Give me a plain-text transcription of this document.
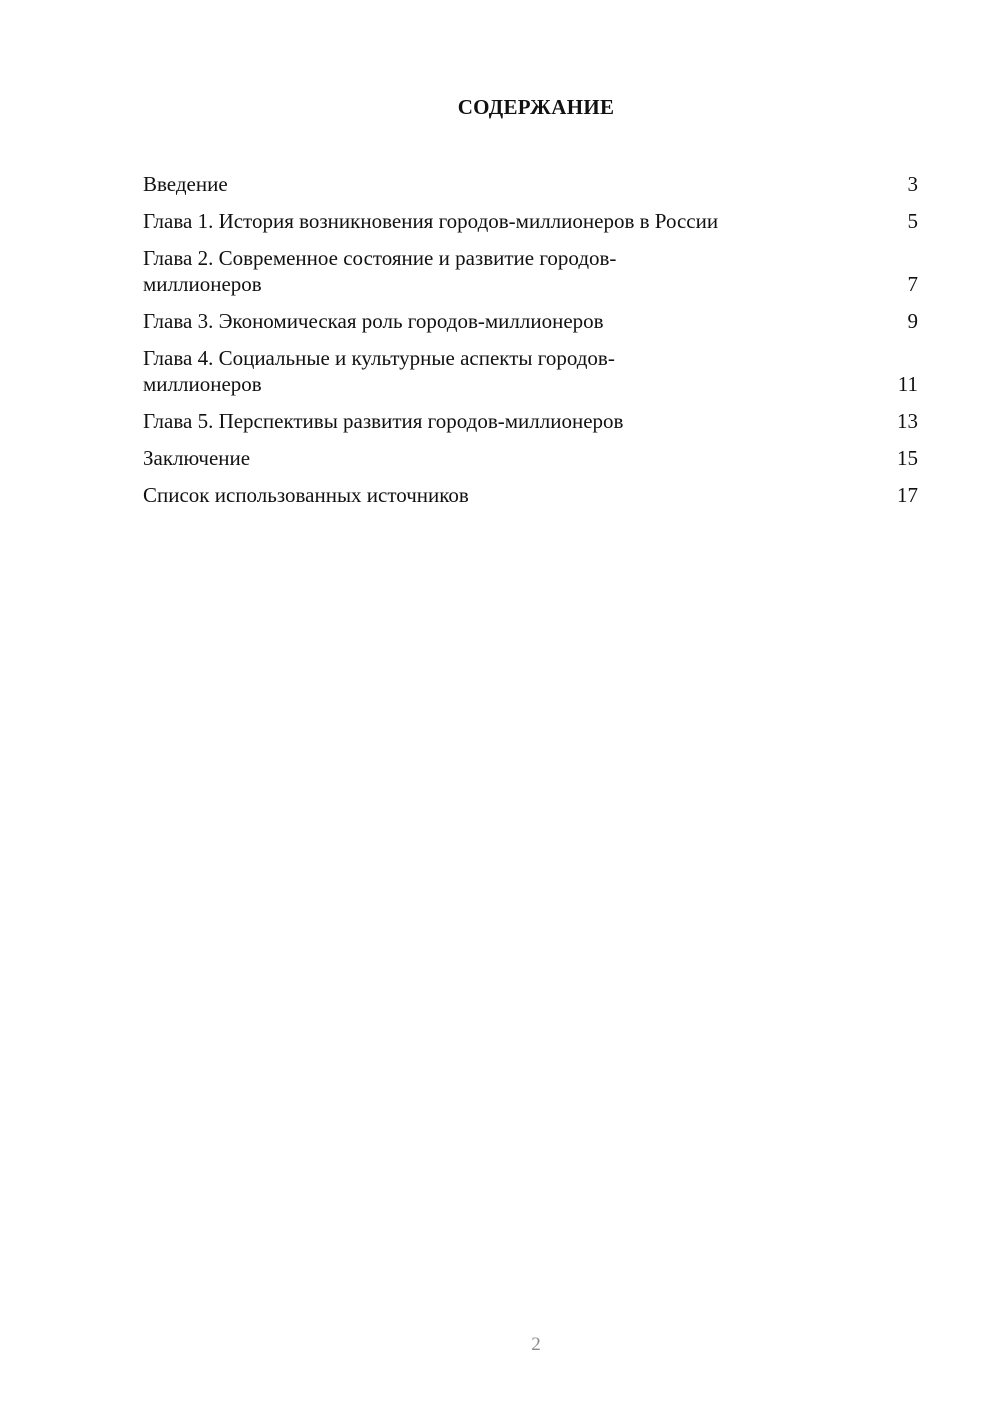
СОДЕРЖАНИЕ
Введение	3
Глава 1. История возникновения городов-миллионеров в России	5
Глава 2. Современное состояние и развитие городов-миллионеров	7
Глава 3. Экономическая роль городов-миллионеров	9
Глава 4. Социальные и культурные аспекты городов-миллионеров	11
Глава 5. Перспективы развития городов-миллионеров	13
Заключение	15
Список использованных источников	17
2
